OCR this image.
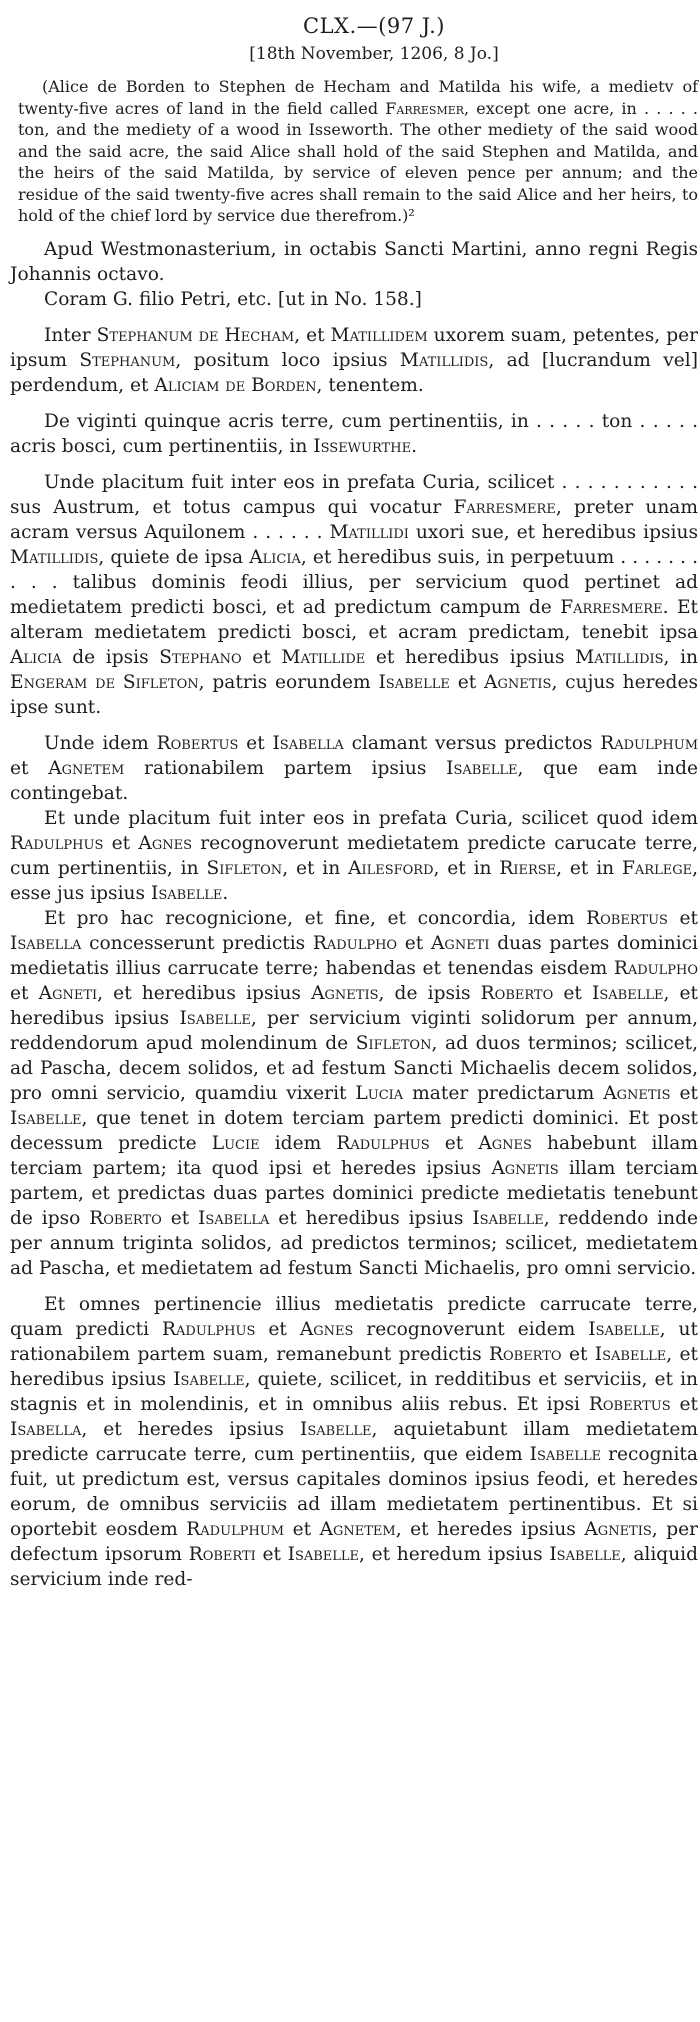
CLX.—(97 J.)
[18th November, 1206, 8 Jo.]
(Alice de Borden to Stephen de Hecham and Matilda his wife, a medietv of twenty-five acres of land in the field called Farresmer, except one acre, in . . . . . ton, and the mediety of a wood in Isseworth. The other mediety of the said wood and the said acre, the said Alice shall hold of the said Stephen and Matilda, and the heirs of the said Matilda, by service of eleven pence per annum; and the residue of the said twenty-five acres shall remain to the said Alice and her heirs, to hold of the chief lord by service due therefrom.)²

Apud Westmonasterium, in octabis Sancti Martini, anno regni Regis Johannis octavo.

Coram G. filio Petri, etc. [ut in No. 158.]

Inter Stephanum de Hecham, et Matillidem uxorem suam, petentes, per ipsum Stephanum, positum loco ipsius Matillidis, ad [lucrandum vel] perdendum, et Aliciam de Borden, tenentem.

De viginti quinque acris terre, cum pertinentiis, in . . . . . ton . . . . . acris bosci, cum pertinentiis, in Issewurthe.

Unde placitum fuit inter eos in prefata Curia, scilicet . . . . . . . . . . . sus Austrum, et totus campus qui vocatur Farresmere, preter unam acram versus Aquilonem . . . . . . Matillidi uxori sue, et heredibus ipsius Matillidis, quiete de ipsa Alicia, et heredibus suis, in perpetuum . . . . . . . . . . talibus dominis feodi illius, per servicium quod pertinet ad medietatem predicti bosci, et ad predictum campum de Farresmere. Et alteram medietatem predicti bosci, et acram predictam, tenebit ipsa Alicia de ipsis Stephano et Matillide et heredibus ipsius Matillidis, in Engeram de Sifleton, patris eorundem Isabelle et Agnetis, cujus heredes ipse sunt.

Unde idem Robertus et Isabella clamant versus predictos Radulphum et Agnetem rationabilem partem ipsius Isabelle, que eam inde contingebat.

Et unde placitum fuit inter eos in prefata Curia, scilicet quod idem Radulphus et Agnes recognoverunt medietatem predicte carucate terre, cum pertinentiis, in Sifleton, et in Ailesford, et in Rierse, et in Farlege, esse jus ipsius Isabelle.

Et pro hac recognicione, et fine, et concordia, idem Robertus et Isabella concesserunt predictis Radulpho et Agneti duas partes dominici medietatis illius carrucate terre; habendas et tenendas eisdem Radulpho et Agneti, et heredibus ipsius Agnetis, de ipsis Roberto et Isabelle, et heredibus ipsius Isabelle, per servicium viginti solidorum per annum, reddendorum apud molendinum de Sifleton, ad duos terminos; scilicet, ad Pascha, decem solidos, et ad festum Sancti Michaelis decem solidos, pro omni servicio, quamdiu vixerit Lucia mater predictarum Agnetis et Isabelle, que tenet in dotem terciam partem predicti dominici. Et post decessum predicte Lucie idem Radulphus et Agnes habebunt illam terciam partem; ita quod ipsi et heredes ipsius Agnetis illam terciam partem, et predictas duas partes dominici predicte medietatis tenebunt de ipso Roberto et Isabella et heredibus ipsius Isabelle, reddendo inde per annum triginta solidos, ad predictos terminos; scilicet, medietatem ad Pascha, et medietatem ad festum Sancti Michaelis, pro omni servicio.

Et omnes pertinencie illius medietatis predicte carrucate terre, quam predicti Radulphus et Agnes recognoverunt eidem Isabelle, ut rationabilem partem suam, remanebunt predictis Roberto et Isabelle, et heredibus ipsius Isabelle, quiete, scilicet, in redditibus et serviciis, et in stagnis et in molendinis, et in omnibus aliis rebus. Et ipsi Robertus et Isabella, et heredes ipsius Isabelle, aquietabunt illam medietatem predicte carrucate terre, cum pertinentiis, que eidem Isabelle recognita fuit, ut predictum est, versus capitales dominos ipsius feodi, et heredes eorum, de omnibus serviciis ad illam medietatem pertinentibus. Et si oportebit eosdem Radulphum et Agnetem, et heredes ipsius Agnetis, per defectum ipsorum Roberti et Isabelle, et heredum ipsius Isabelle, aliquid servicium inde red-
